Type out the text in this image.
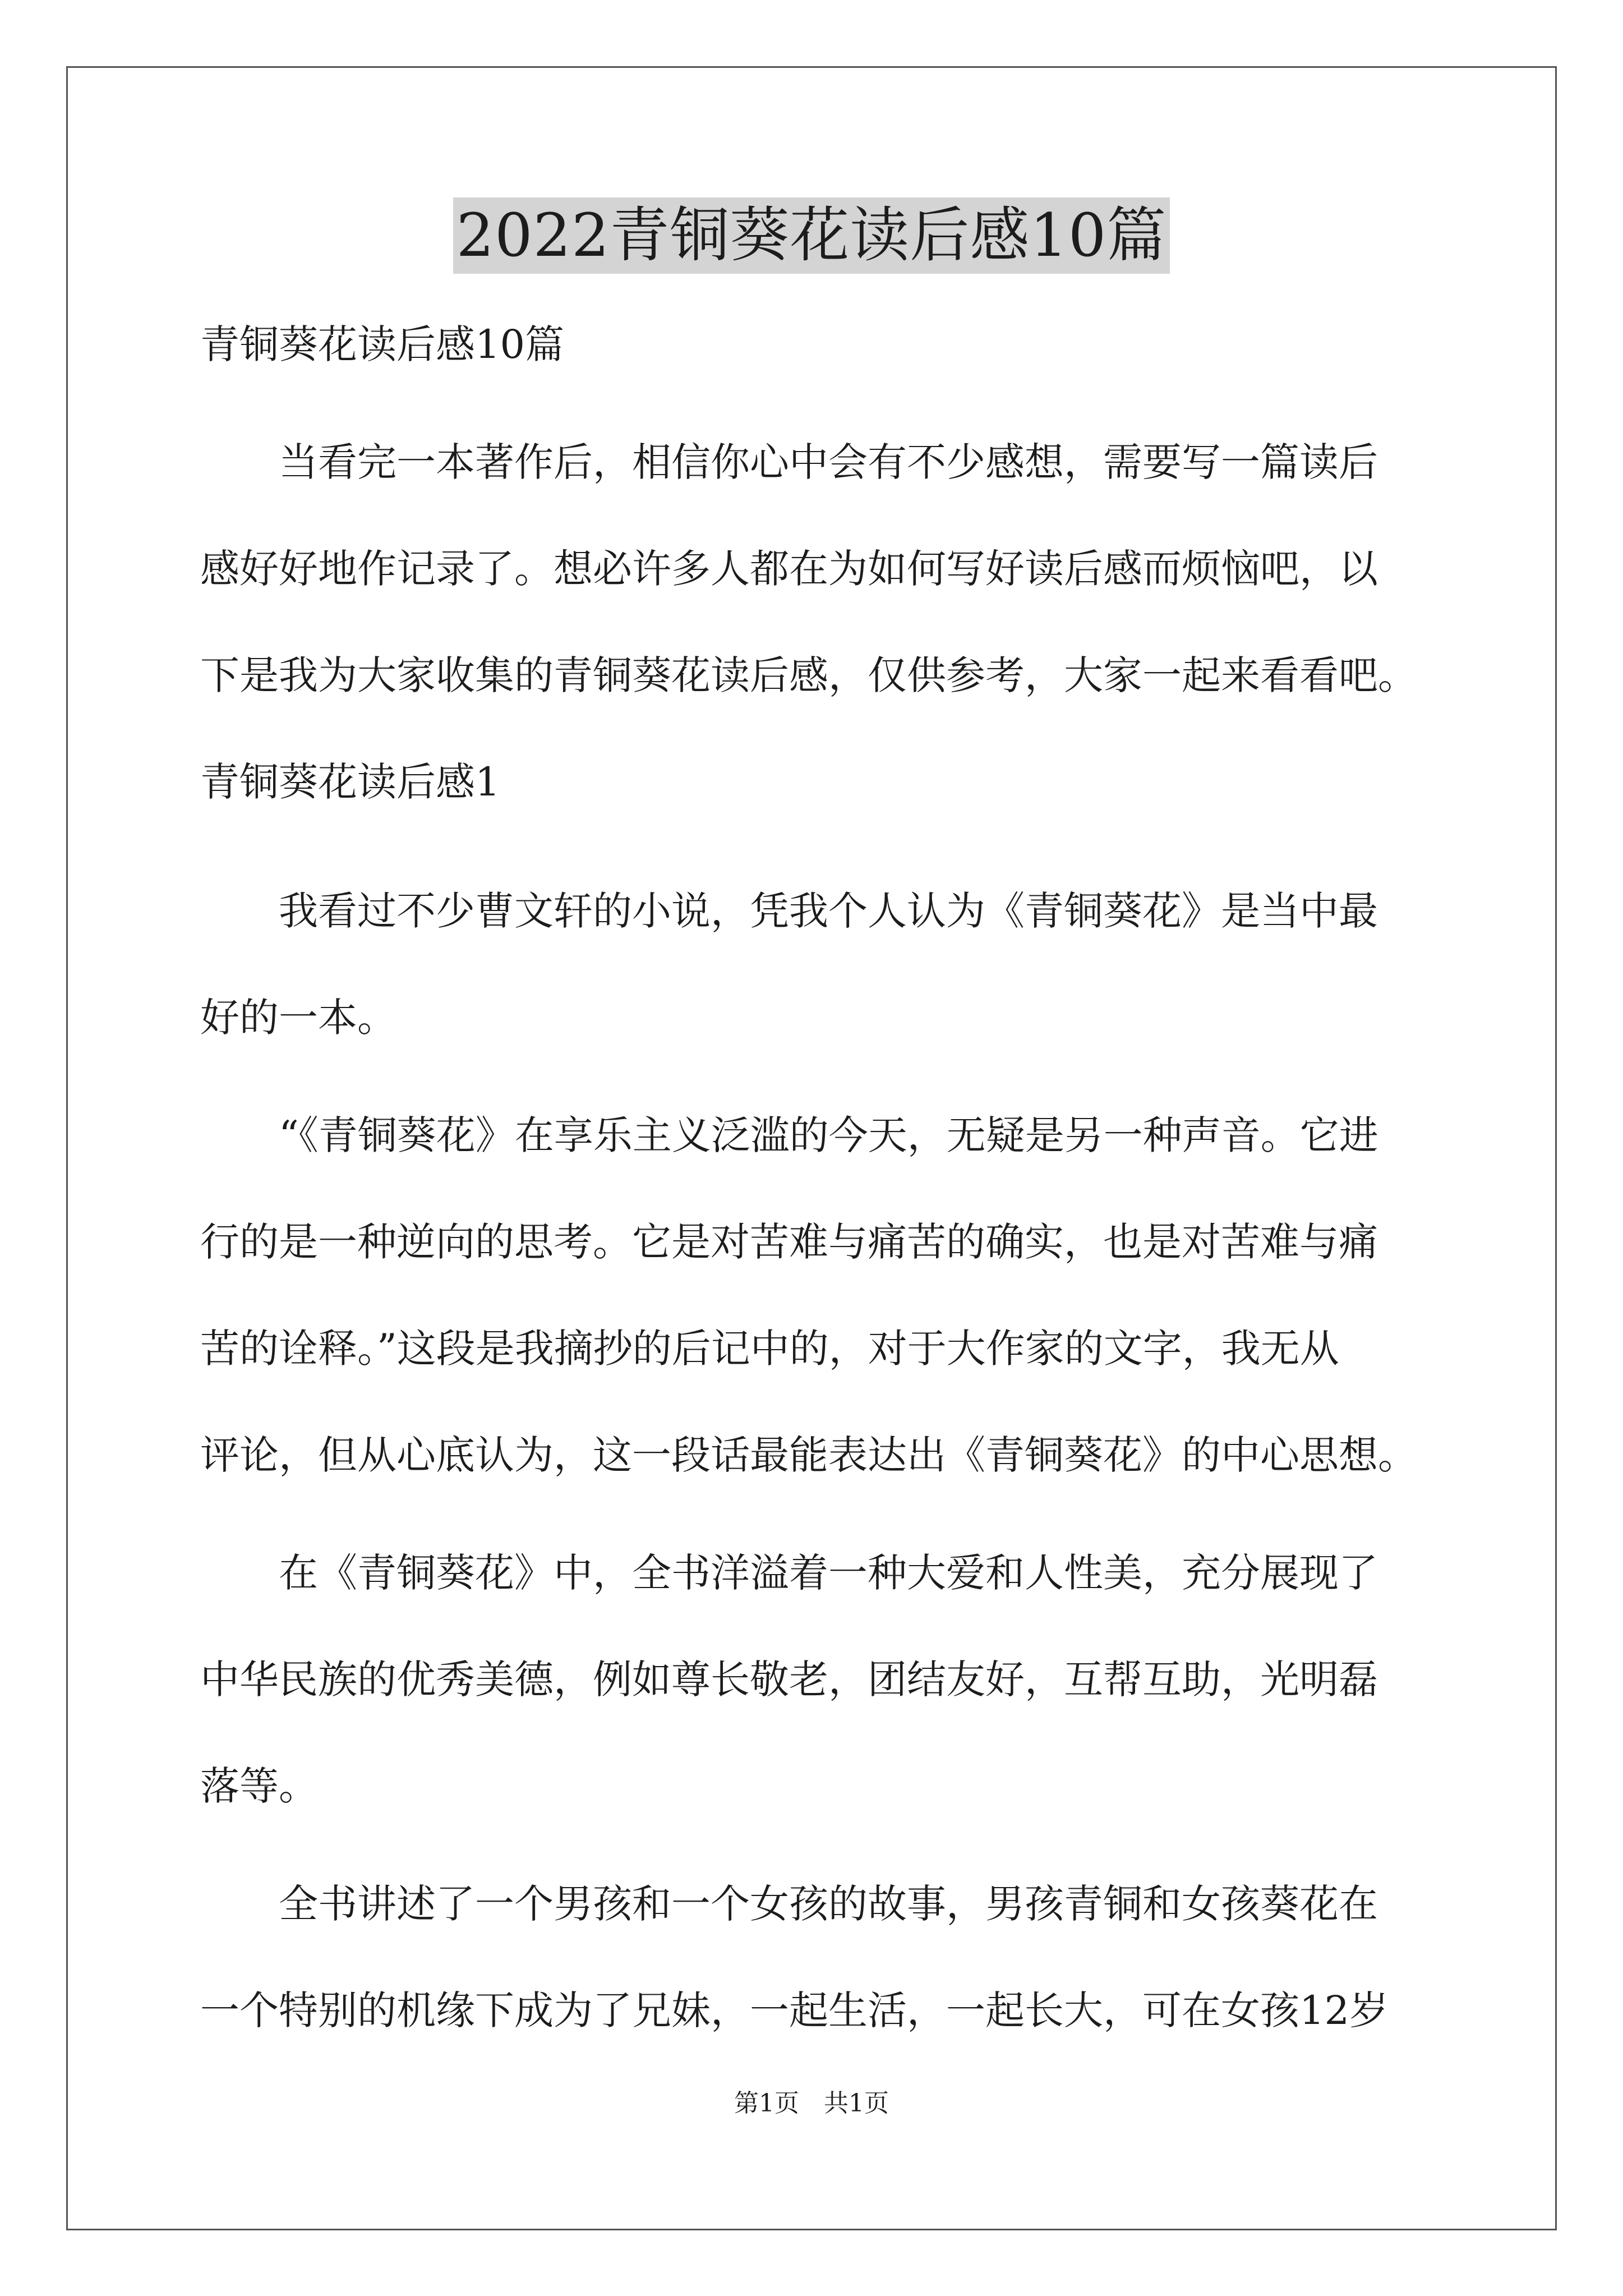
2022青铜葵花读后感10篇
青铜葵花读后感10篇
　　当看完一本著作后，相信你心中会有不少感想，需要写一篇读后
感好好地作记录了。想必许多人都在为如何写好读后感而烦恼吧，以
下是我为大家收集的青铜葵花读后感，仅供参考，大家一起来看看吧。
青铜葵花读后感1
　　我看过不少曹文轩的小说，凭我个人认为《青铜葵花》是当中最
好的一本。
　　“《青铜葵花》在享乐主义泛滥的今天，无疑是另一种声音。它进
行的是一种逆向的思考。它是对苦难与痛苦的确实，也是对苦难与痛
苦的诠释。”这段是我摘抄的后记中的，对于大作家的文字，我无从
评论，但从心底认为，这一段话最能表达出《青铜葵花》的中心思想。
　　在《青铜葵花》中，全书洋溢着一种大爱和人性美，充分展现了
中华民族的优秀美德，例如尊长敬老，团结友好，互帮互助，光明磊
落等。
　　全书讲述了一个男孩和一个女孩的故事，男孩青铜和女孩葵花在
一个特别的机缘下成为了兄妹，一起生活，一起长大，可在女孩12岁
第1页　共1页
